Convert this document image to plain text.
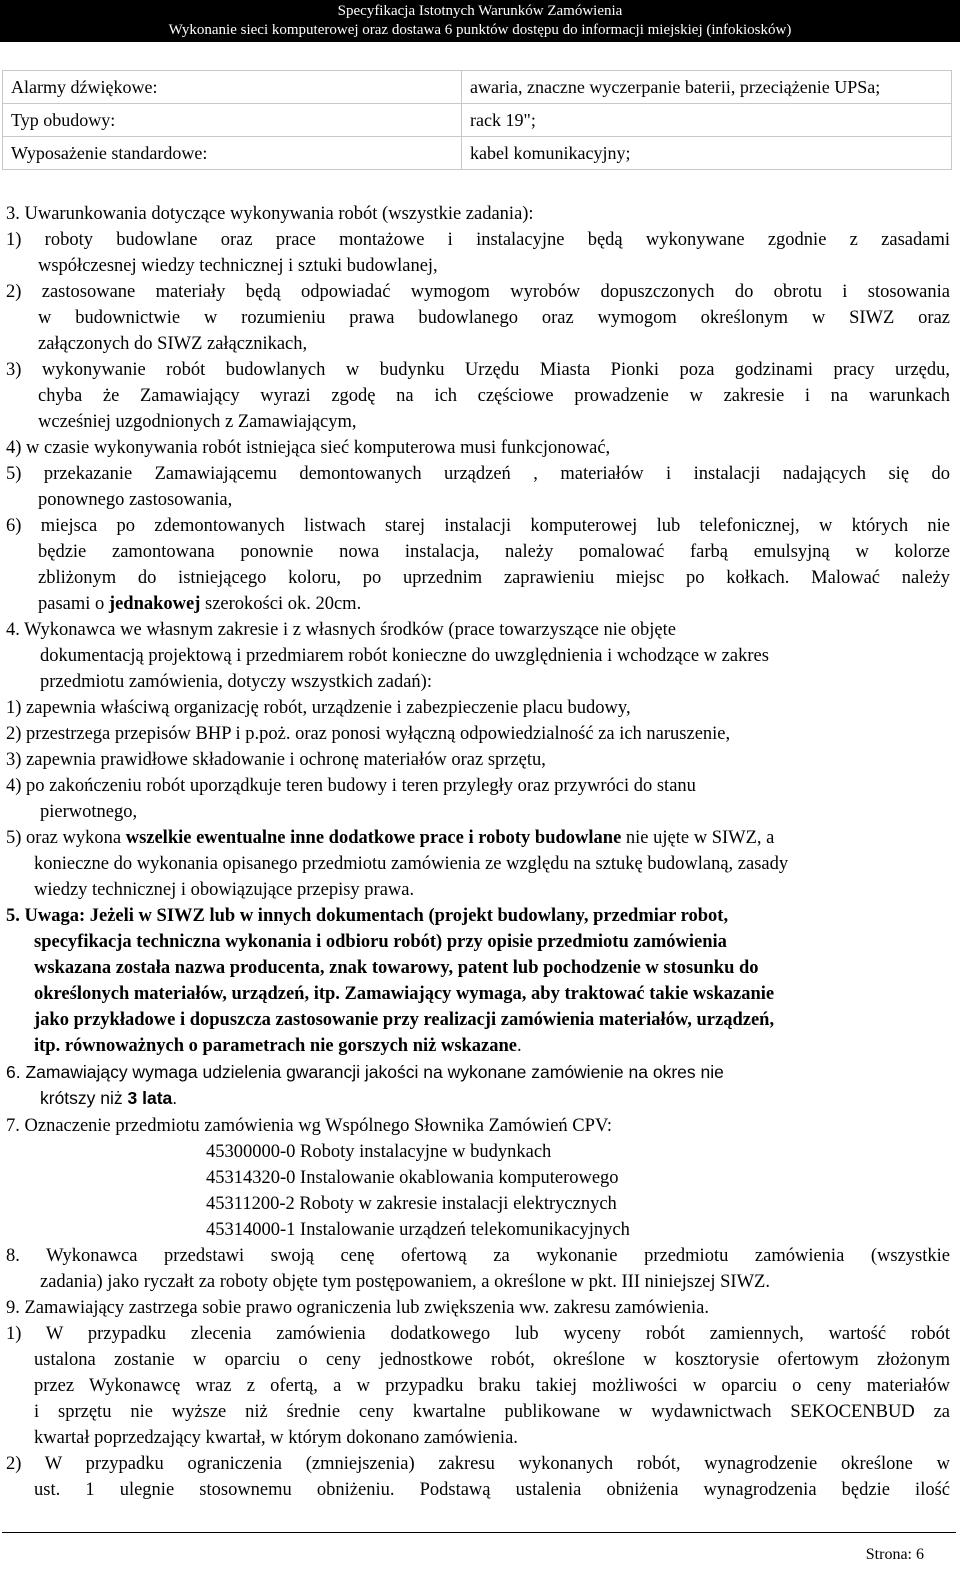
Specyfikacja Istotnych Warunków Zamówienia
Wykonanie sieci komputerowej oraz dostawa 6 punktów dostępu do informacji miejskiej (infokiosków)
Alarmy dźwiękowe:	awaria, znaczne wyczerpanie baterii, przeciążenie UPSa;
Typ obudowy:	rack 19";
Wyposażenie standardowe:	kabel komunikacyjny;
3. Uwarunkowania dotyczące wykonywania robót (wszystkie zadania):
1) roboty budowlane oraz prace montażowe i instalacyjne będą wykonywane zgodnie z zasadami
współczesnej wiedzy technicznej i sztuki budowlanej,
2) zastosowane materiały będą odpowiadać wymogom wyrobów dopuszczonych do obrotu i stosowania
w budownictwie w rozumieniu prawa budowlanego oraz wymogom określonym w SIWZ oraz
załączonych do SIWZ załącznikach,
3) wykonywanie robót budowlanych w budynku Urzędu Miasta Pionki poza godzinami pracy urzędu,
chyba że Zamawiający wyrazi zgodę na ich częściowe prowadzenie w zakresie i na warunkach
wcześniej uzgodnionych z Zamawiającym,
4) w czasie wykonywania robót istniejąca sieć komputerowa musi funkcjonować,
5) przekazanie Zamawiającemu demontowanych urządzeń , materiałów i instalacji nadających się do
ponownego zastosowania,
6) miejsca po zdemontowanych listwach starej instalacji komputerowej lub telefonicznej, w których nie
będzie zamontowana ponownie nowa instalacja, należy pomalować farbą emulsyjną w kolorze
zbliżonym do istniejącego koloru, po uprzednim zaprawieniu miejsc po kołkach. Malować należy
pasami o jednakowej szerokości ok. 20cm.
4. Wykonawca we własnym zakresie i z własnych środków (prace towarzyszące nie objęte
dokumentacją projektową i przedmiarem robót konieczne do uwzględnienia i wchodzące w zakres
przedmiotu zamówienia, dotyczy wszystkich zadań):
1) zapewnia właściwą organizację robót, urządzenie i zabezpieczenie placu budowy,
2) przestrzega przepisów BHP i p.poż. oraz ponosi wyłączną odpowiedzialność za ich naruszenie,
3) zapewnia prawidłowe składowanie i ochronę materiałów oraz sprzętu,
4) po zakończeniu robót uporządkuje teren budowy i teren przyległy oraz przywróci do stanu
pierwotnego,
5) oraz wykona wszelkie ewentualne inne dodatkowe prace i roboty budowlane nie ujęte w SIWZ, a
konieczne do wykonania opisanego przedmiotu zamówienia ze względu na sztukę budowlaną, zasady
wiedzy technicznej i obowiązujące przepisy prawa.
5. Uwaga: Jeżeli w SIWZ lub w innych dokumentach (projekt budowlany, przedmiar robot,
specyfikacja techniczna wykonania i odbioru robót) przy opisie przedmiotu zamówienia
wskazana została nazwa producenta, znak towarowy, patent lub pochodzenie w stosunku do
określonych materiałów, urządzeń, itp. Zamawiający wymaga, aby traktować takie wskazanie
jako przykładowe i dopuszcza zastosowanie przy realizacji zamówienia materiałów, urządzeń,
itp. równoważnych o parametrach nie gorszych niż wskazane.
6. Zamawiający wymaga udzielenia gwarancji jakości na wykonane zamówienie na okres nie
krótszy niż 3 lata.
7. Oznaczenie przedmiotu zamówienia wg Wspólnego Słownika Zamówień CPV:
45300000-0 Roboty instalacyjne w budynkach
45314320-0 Instalowanie okablowania komputerowego
45311200-2 Roboty w zakresie instalacji elektrycznych
45314000-1 Instalowanie urządzeń telekomunikacyjnych
8. Wykonawca przedstawi swoją cenę ofertową za wykonanie przedmiotu zamówienia (wszystkie
zadania) jako ryczałt za roboty objęte tym postępowaniem, a określone w pkt. III niniejszej SIWZ.
9. Zamawiający zastrzega sobie prawo ograniczenia lub zwiększenia ww. zakresu zamówienia.
1) W przypadku zlecenia zamówienia dodatkowego lub wyceny robót zamiennych, wartość robót
ustalona zostanie w oparciu o ceny jednostkowe robót, określone w kosztorysie ofertowym złożonym
przez Wykonawcę wraz z ofertą, a w przypadku braku takiej możliwości w oparciu o ceny materiałów
i sprzętu nie wyższe niż średnie ceny kwartalne publikowane w wydawnictwach SEKOCENBUD za
kwartał poprzedzający kwartał, w którym dokonano zamówienia.
2) W przypadku ograniczenia (zmniejszenia) zakresu wykonanych robót, wynagrodzenie określone w
ust. 1 ulegnie stosownemu obniżeniu. Podstawą ustalenia obniżenia wynagrodzenia będzie ilość
Strona: 6
